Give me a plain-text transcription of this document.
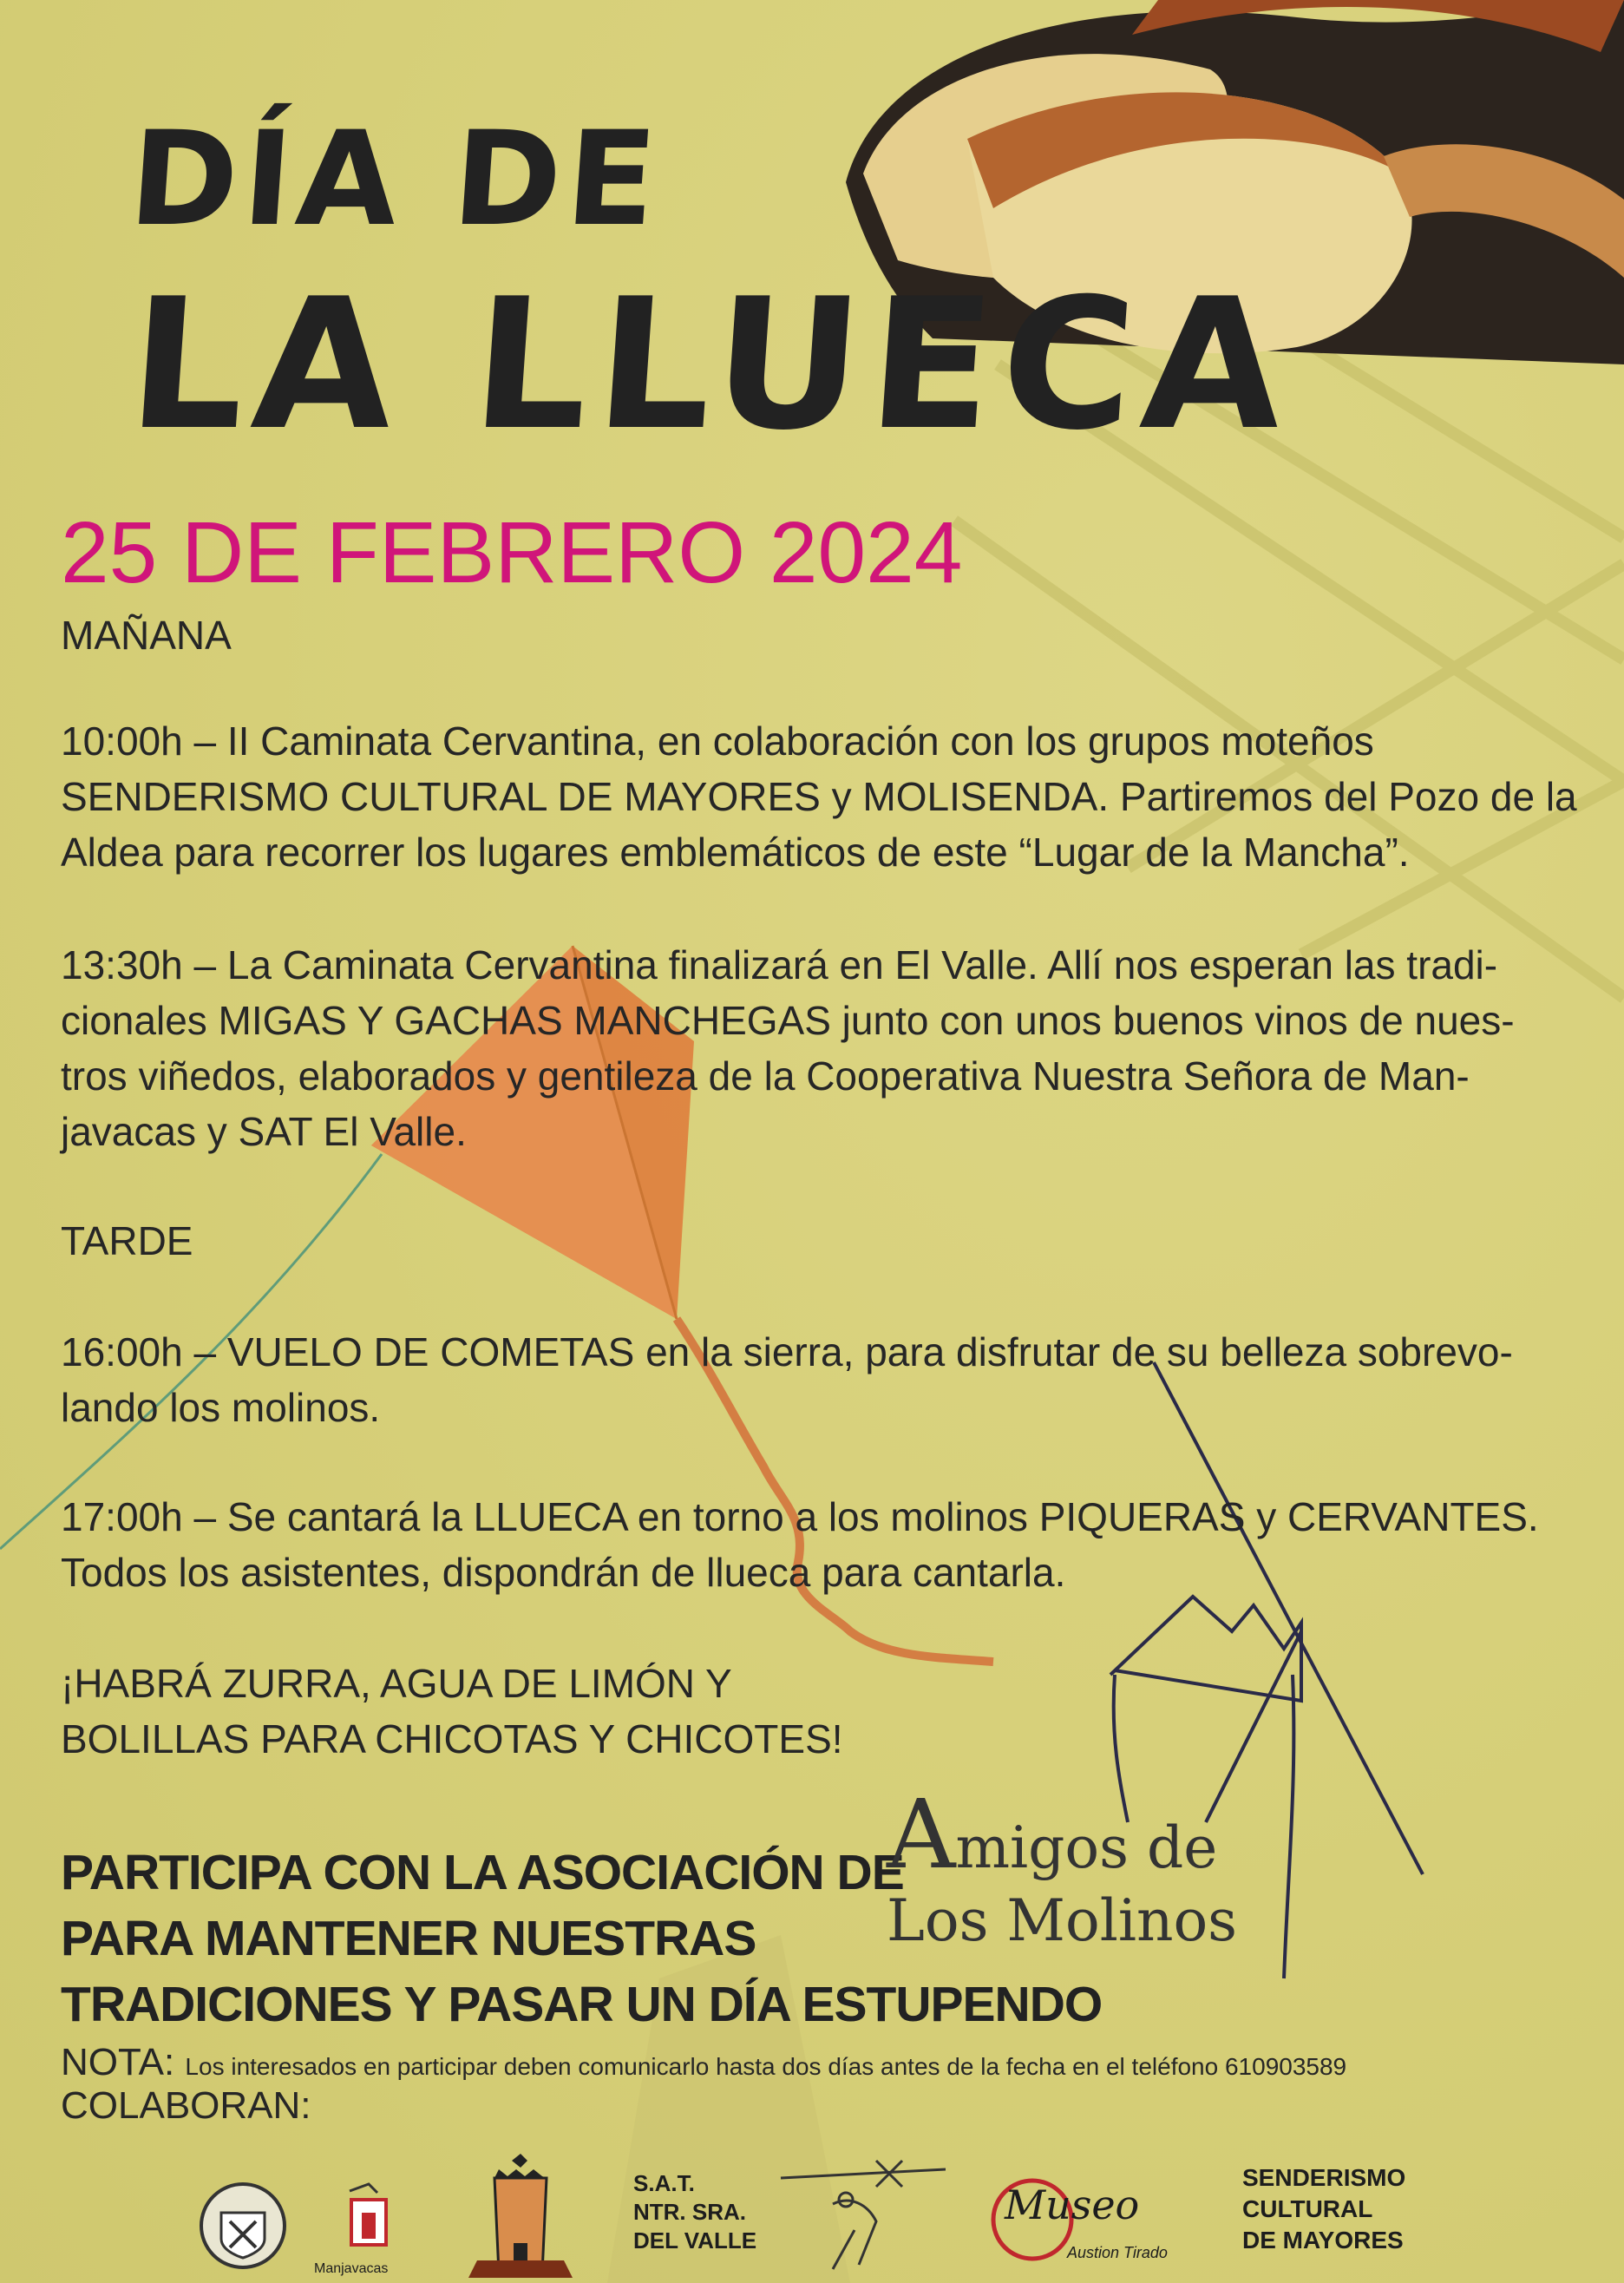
DÍA DE
LA LLUECA
25 DE FEBRERO 2024
MAÑANA
10:00h – II Caminata Cervantina, en colaboración con los grupos moteños
SENDERISMO CULTURAL DE MAYORES y MOLISENDA. Partiremos del Pozo de la
Aldea para recorrer los lugares emblemáticos de este “Lugar de la Mancha”.
13:30h – La Caminata Cervantina finalizará en El Valle. Allí nos esperan las tradi-
cionales MIGAS Y GACHAS MANCHEGAS junto con unos buenos vinos de nues-
tros viñedos, elaborados y gentileza de la Cooperativa Nuestra Señora de Man-
javacas y SAT El Valle.
TARDE
16:00h – VUELO DE COMETAS en la sierra, para disfrutar de su belleza sobrevo-
lando los molinos.
17:00h – Se cantará la LLUECA en torno a los molinos PIQUERAS y CERVANTES.
Todos los asistentes, dispondrán de llueca para cantarla.
¡HABRÁ ZURRA, AGUA DE LIMÓN Y
BOLILLAS PARA CHICOTAS Y CHICOTES!
PARTICIPA CON LA ASOCIACIÓN DE
PARA MANTENER NUESTRAS
TRADICIONES Y PASAR UN DÍA ESTUPENDO
Amigos de
Los Molinos
NOTA: Los interesados en participar deben comunicarlo hasta dos días antes de la fecha en el teléfono 610903589
COLABORAN:
Manjavacas
S.A.T.
NTR. SRA.
DEL VALLE
Museo
Austion Tirado
SENDERISMO
CULTURAL
DE MAYORES
